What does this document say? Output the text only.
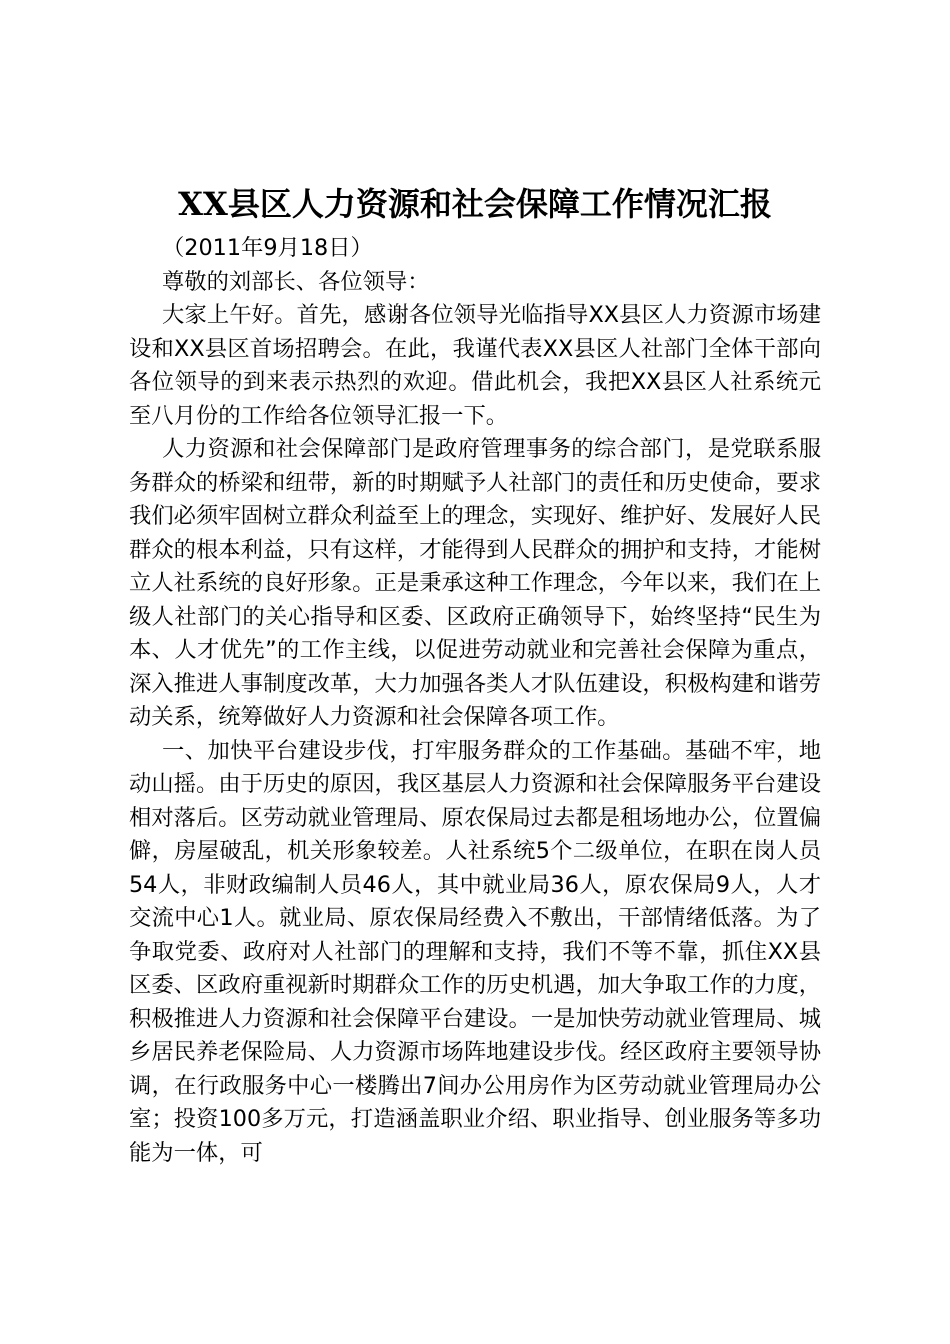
XX县区人力资源和社会保障工作情况汇报

（2011年9月18日）

尊敬的刘部长、各位领导：

大家上午好。首先，感谢各位领导光临指导XX县区人力资源市场建设和XX县区首场招聘会。在此，我谨代表XX县区人社部门全体干部向各位领导的到来表示热烈的欢迎。借此机会，我把XX县区人社系统元至八月份的工作给各位领导汇报一下。

人力资源和社会保障部门是政府管理事务的综合部门，是党联系服务群众的桥梁和纽带，新的时期赋予人社部门的责任和历史使命，要求我们必须牢固树立群众利益至上的理念，实现好、维护好、发展好人民群众的根本利益，只有这样，才能得到人民群众的拥护和支持，才能树立人社系统的良好形象。正是秉承这种工作理念，今年以来，我们在上级人社部门的关心指导和区委、区政府正确领导下，始终坚持“民生为本、人才优先”的工作主线，以促进劳动就业和完善社会保障为重点，深入推进人事制度改革，大力加强各类人才队伍建设，积极构建和谐劳动关系，统筹做好人力资源和社会保障各项工作。

一、加快平台建设步伐，打牢服务群众的工作基础。基础不牢，地动山摇。由于历史的原因，我区基层人力资源和社会保障服务平台建设相对落后。区劳动就业管理局、原农保局过去都是租场地办公，位置偏僻，房屋破乱，机关形象较差。人社系统5个二级单位，在职在岗人员54人，非财政编制人员46人，其中就业局36人，原农保局9人，人才交流中心1人。就业局、原农保局经费入不敷出，干部情绪低落。为了争取党委、政府对人社部门的理解和支持，我们不等不靠，抓住XX县区委、区政府重视新时期群众工作的历史机遇，加大争取工作的力度，积极推进人力资源和社会保障平台建设。一是加快劳动就业管理局、城乡居民养老保险局、人力资源市场阵地建设步伐。经区政府主要领导协调，在行政服务中心一楼腾出7间办公用房作为区劳动就业管理局办公室；投资100多万元，打造涵盖职业介绍、职业指导、创业服务等多功能为一体，可
